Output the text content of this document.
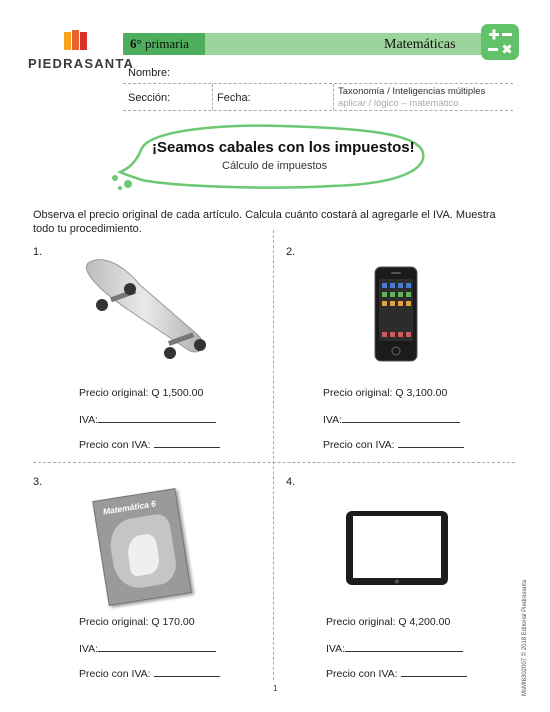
PIEDRASANTA
6° primaria	Matemáticas
Nombre:
Sección:	Fecha:
Taxonomía / Inteligencias múltiples
aplicar / lógico – matemático
¡Seamos cabales con los impuestos!
Cálculo de impuestos
Observa el precio original de cada artículo. Calcula cuánto costará al agregarle el IVA. Muestra todo tu procedimiento.
1.
Precio original: Q 1,500.00
IVA:
Precio con IVA:
2.
Precio original: Q 3,100.00
IVA:
Precio con IVA:
3.
Matemática 6
Precio original: Q 170.00
IVA:
Precio con IVA:
4.
Precio original: Q 4,200.00
IVA:
Precio con IVA:	MsMt6302007 © 2018 Editorial Piedrasanta
1
